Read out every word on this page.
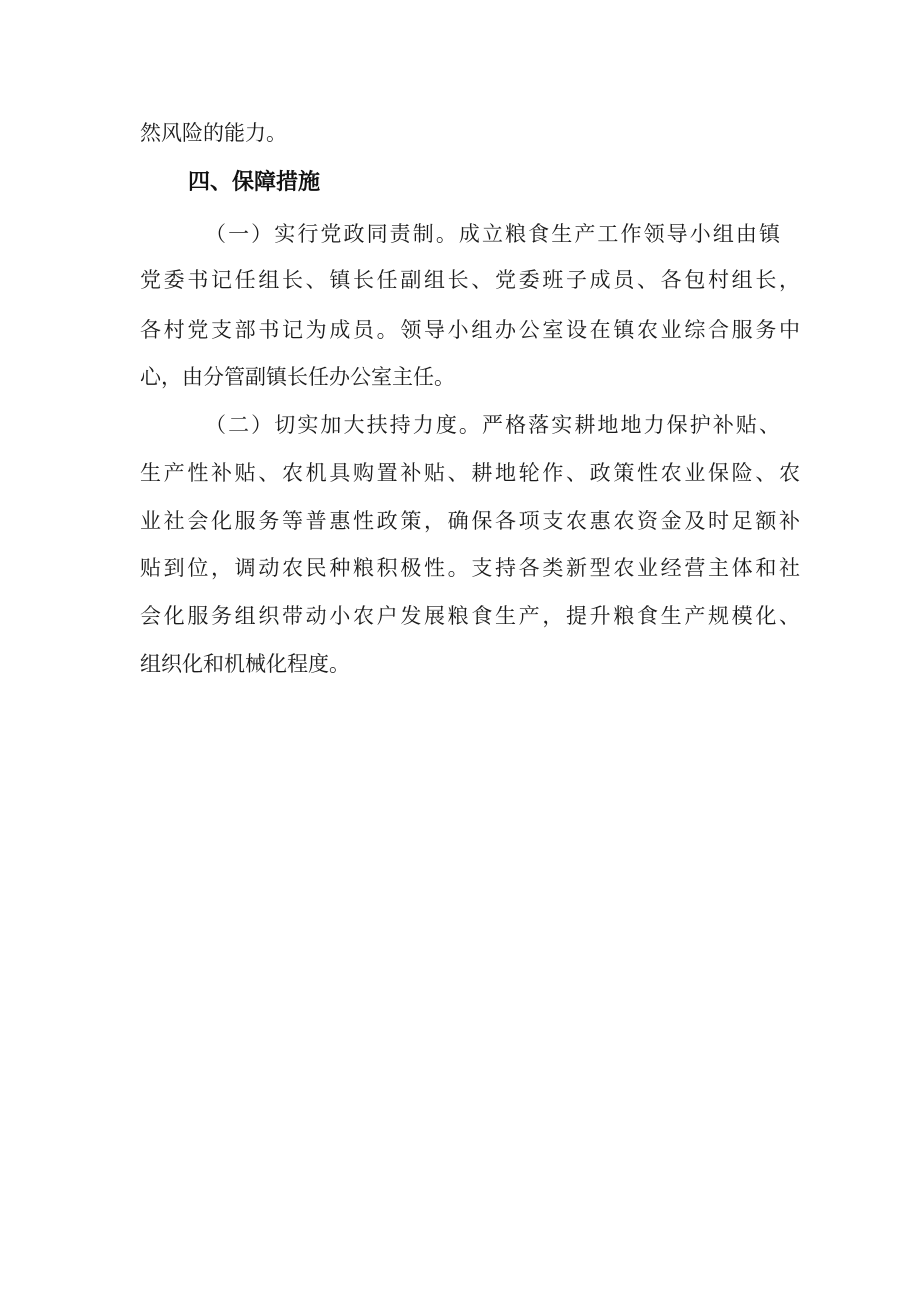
然风险的能力。
四、保障措施
（一）实行党政同责制。成立粮食生产工作领导小组由镇
党委书记任组长、镇长任副组长、党委班子成员、各包村组长，
各村党支部书记为成员。领导小组办公室设在镇农业综合服务中
心，由分管副镇长任办公室主任。
（二）切实加大扶持力度。严格落实耕地地力保护补贴、
生产性补贴、农机具购置补贴、耕地轮作、政策性农业保险、农
业社会化服务等普惠性政策，确保各项支农惠农资金及时足额补
贴到位，调动农民种粮积极性。支持各类新型农业经营主体和社
会化服务组织带动小农户发展粮食生产，提升粮食生产规模化、
组织化和机械化程度。
